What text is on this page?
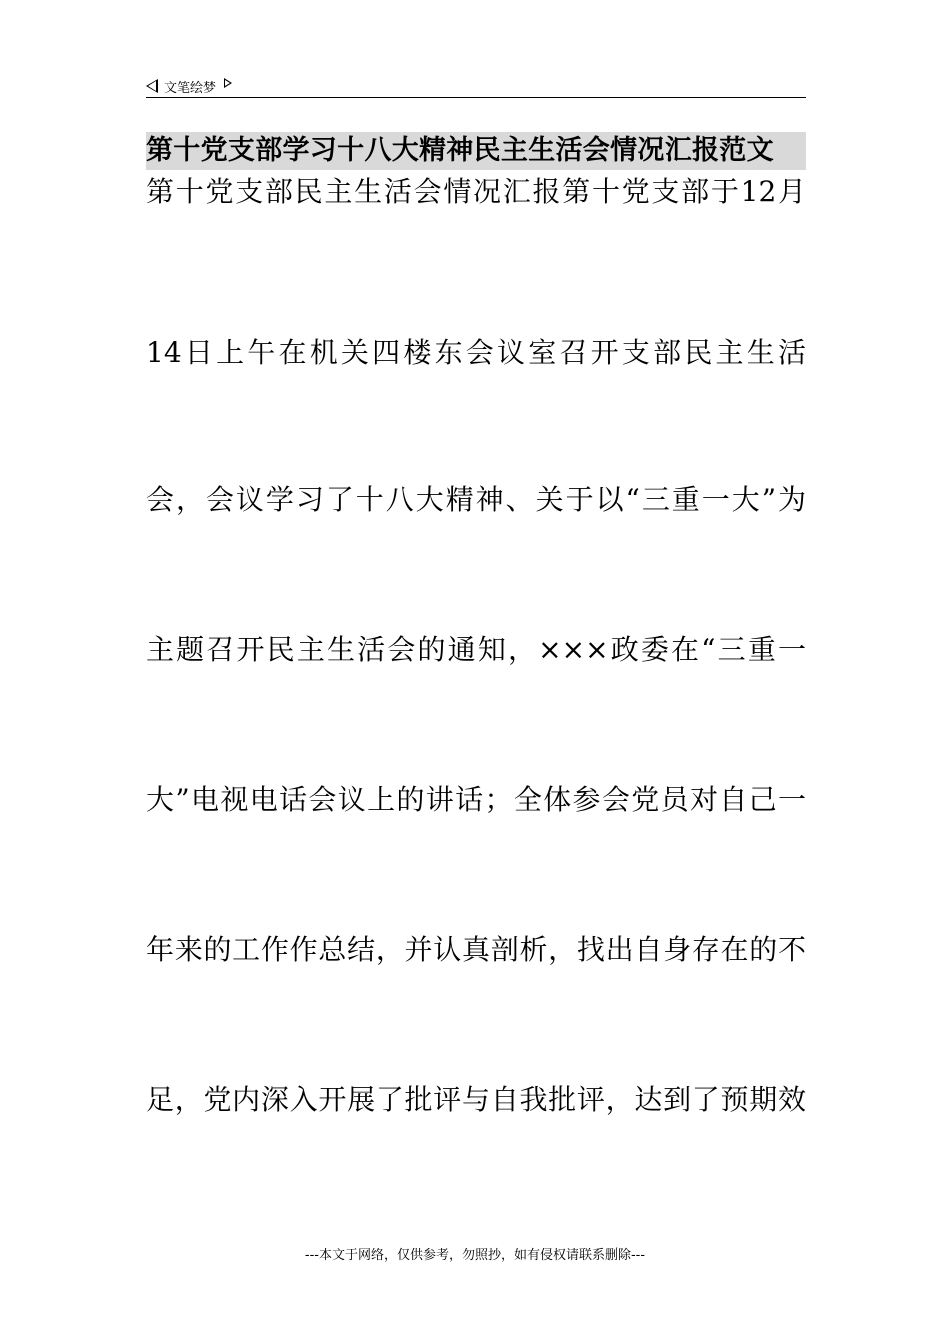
文笔绘梦
第十党支部学习十八大精神民主生活会情况汇报范文
第十党支部民主生活会情况汇报第十党支部于12月
14日上午在机关四楼东会议室召开支部民主生活
会，会议学习了十八大精神、关于以“三重一大”为
主题召开民主生活会的通知，×××政委在“三重一
大”电视电话会议上的讲话；全体参会党员对自己一
年来的工作作总结，并认真剖析，找出自身存在的不
足，党内深入开展了批评与自我批评，达到了预期效
---本文于网络，仅供参考，勿照抄，如有侵权请联系删除---
